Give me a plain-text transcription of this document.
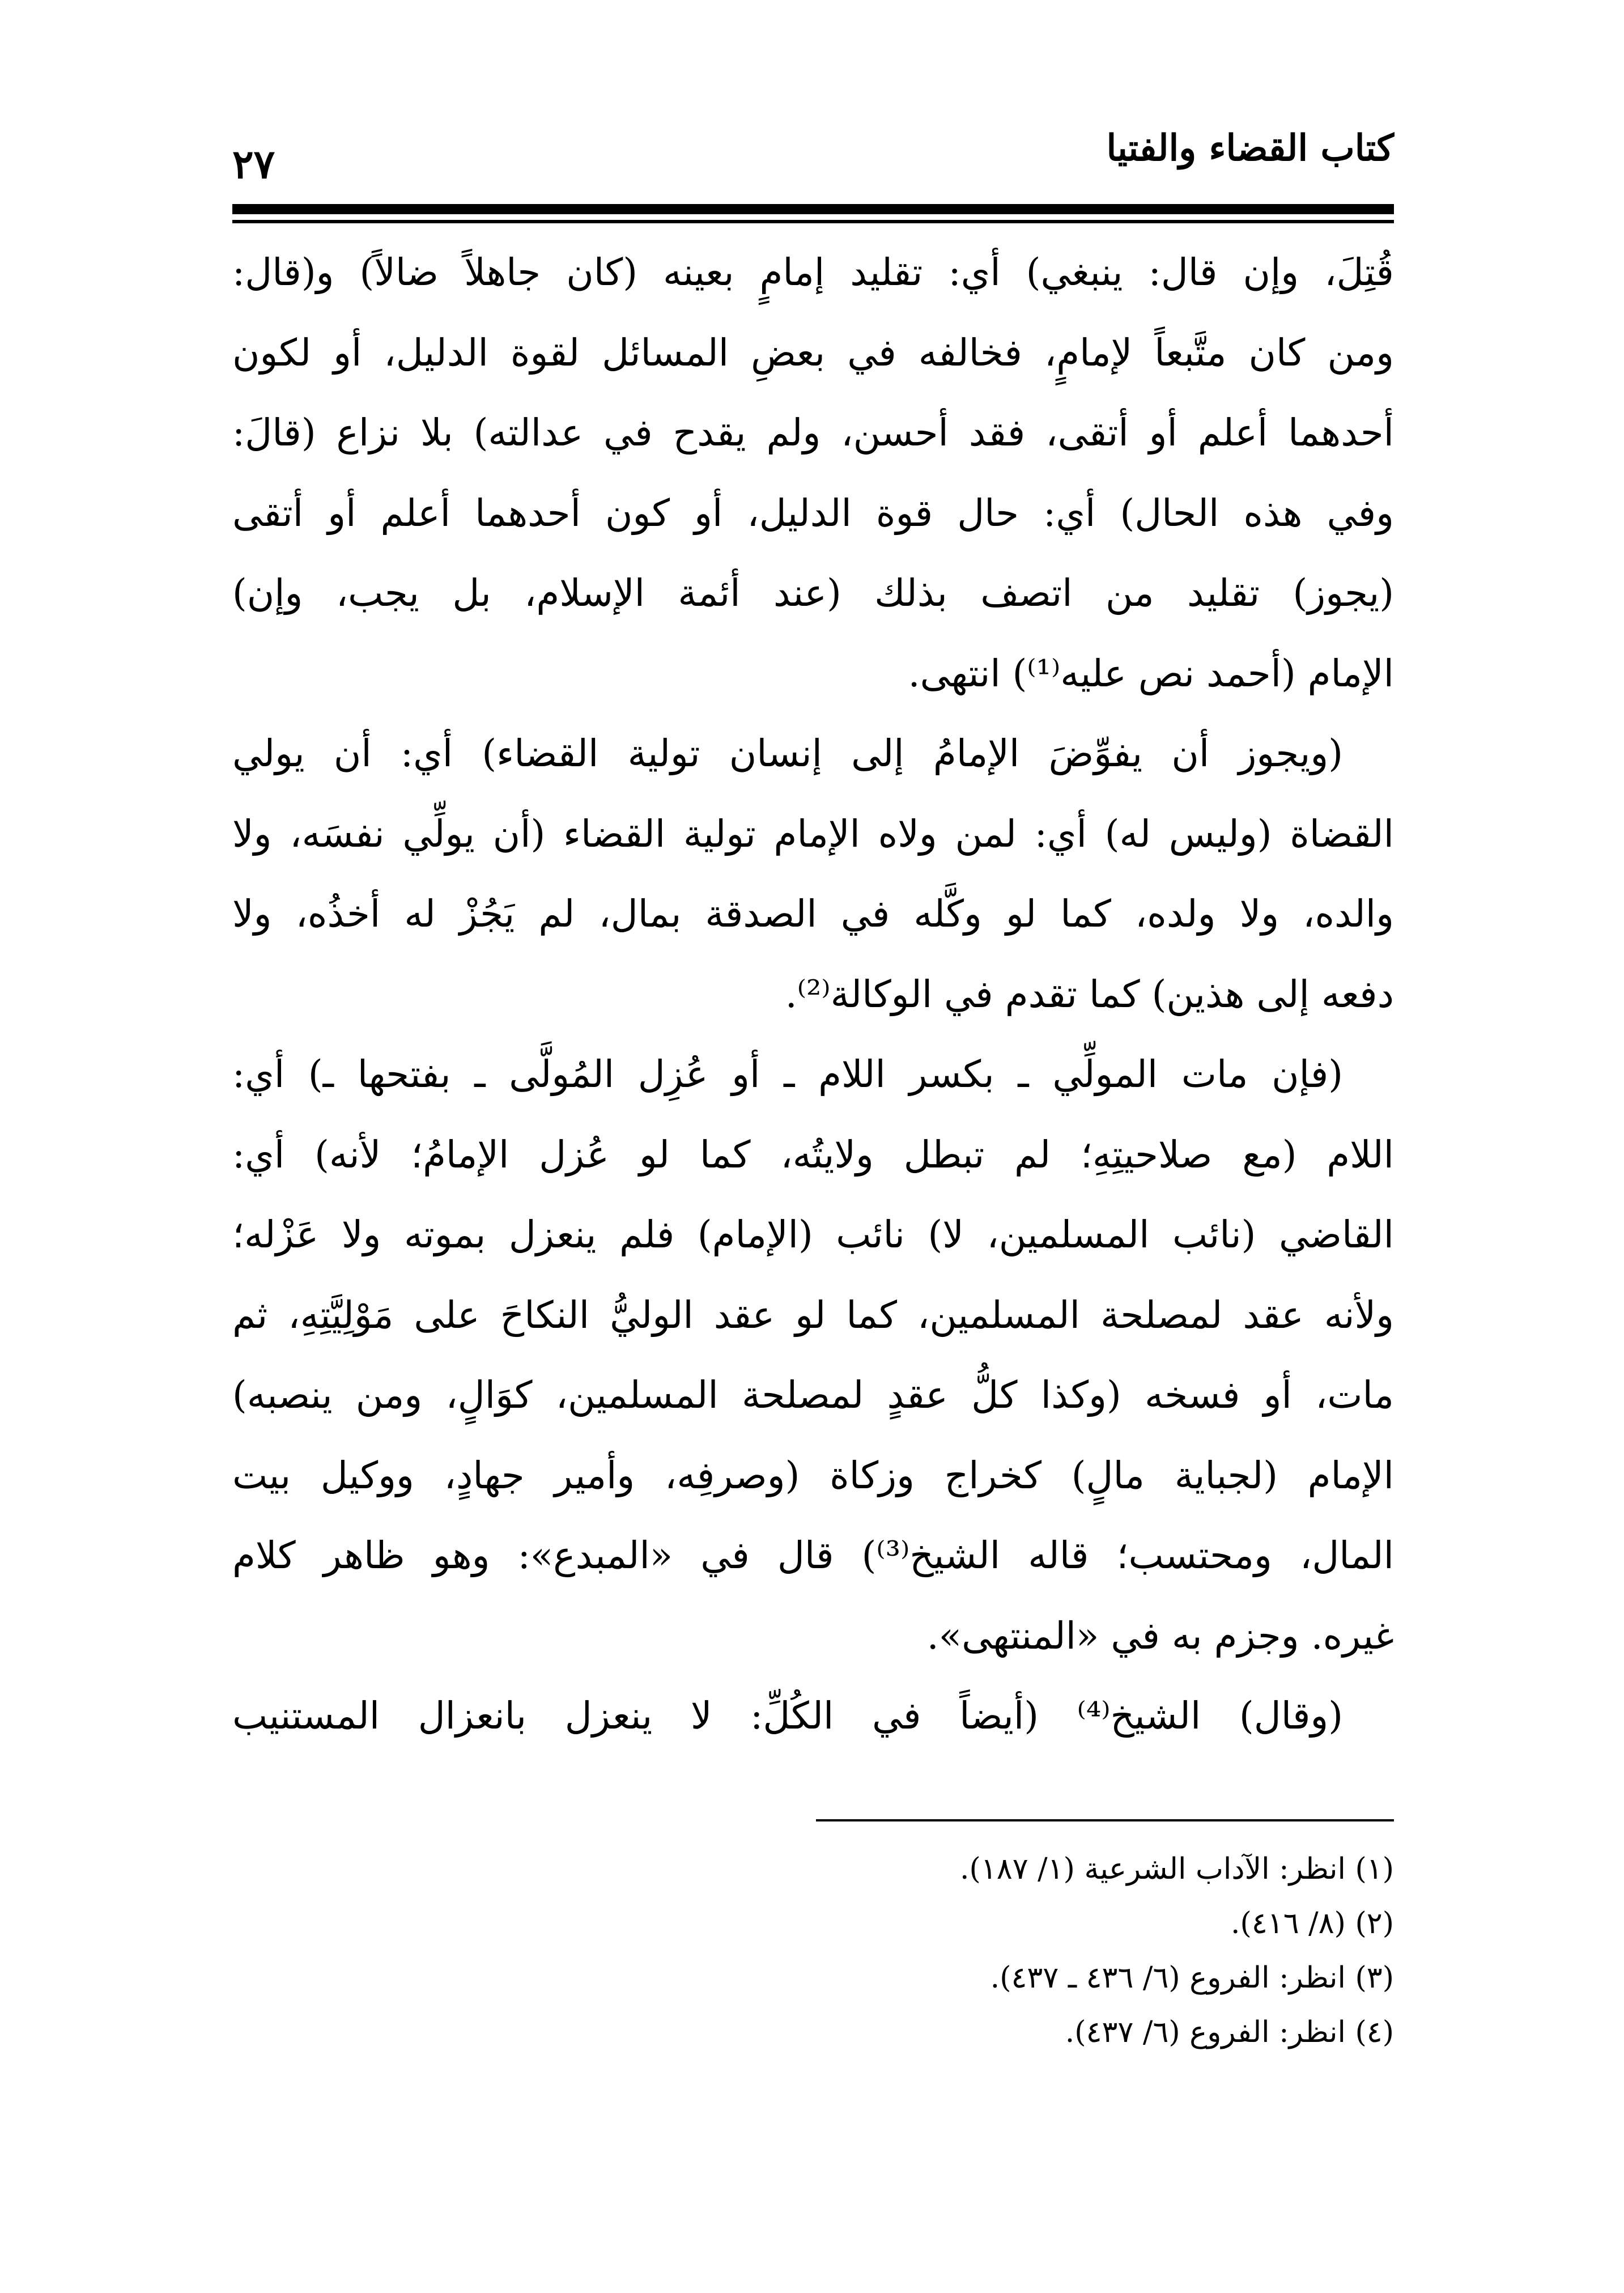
كتاب القضاء والفتيا
٢٧

قُتِلَ، وإن قال: ينبغي) أي: تقليد إمامٍ بعينه (كان جاهلاً ضالاً) و(قال:
ومن كان متَّبعاً لإمامٍ، فخالفه في بعضِ المسائل لقوة الدليل، أو لكون
أحدهما أعلم أو أتقى، فقد أحسن، ولم يقدح في عدالته) بلا نزاع (قالَ:
وفي هذه الحال) أي: حال قوة الدليل، أو كون أحدهما أعلم أو أتقى
(يجوز) تقليد من اتصف بذلك (عند أئمة الإسلام، بل يجب، وإن)
الإمام (أحمد نص عليه⁽¹⁾) انتهى.

(ويجوز أن يفوِّضَ الإمامُ إلى إنسان تولية القضاء) أي: أن يولي
القضاة (وليس له) أي: لمن ولاه الإمام تولية القضاء (أن يولِّي نفسَه، ولا
والده، ولا ولده، كما لو وكَّله في الصدقة بمال، لم يَجُزْ له أخذُه، ولا
دفعه إلى هذين) كما تقدم في الوكالة⁽²⁾.

(فإن مات المولِّي ـ بكسر اللام ـ أو عُزِل المُولَّى ـ بفتحها ـ) أي:
اللام (مع صلاحيتِهِ؛ لم تبطل ولايتُه، كما لو عُزل الإمامُ؛ لأنه) أي:
القاضي (نائب المسلمين، لا) نائب (الإمام) فلم ينعزل بموته ولا عَزْله؛
ولأنه عقد لمصلحة المسلمين، كما لو عقد الوليُّ النكاحَ على مَوْلِيَّتِهِ، ثم
مات، أو فسخه (وكذا كلُّ عقدٍ لمصلحة المسلمين، كوَالٍ، ومن ينصبه)
الإمام (لجباية مالٍ) كخراج وزكاة (وصرفِه، وأمير جهادٍ، ووكيل بيت
المال، ومحتسب؛ قاله الشيخ⁽³⁾) قال في «المبدع»: وهو ظاهر كلام
غيره. وجزم به في «المنتهى».

(وقال) الشيخ⁽⁴⁾ (أيضاً في الكُلِّ: لا ينعزل بانعزال المستنيب

(١) انظر: الآداب الشرعية (١/ ١٨٧).
(٢) (٨/ ٤١٦).
(٣) انظر: الفروع (٦/ ٤٣٦ ـ ٤٣٧).
(٤) انظر: الفروع (٦/ ٤٣٧).
